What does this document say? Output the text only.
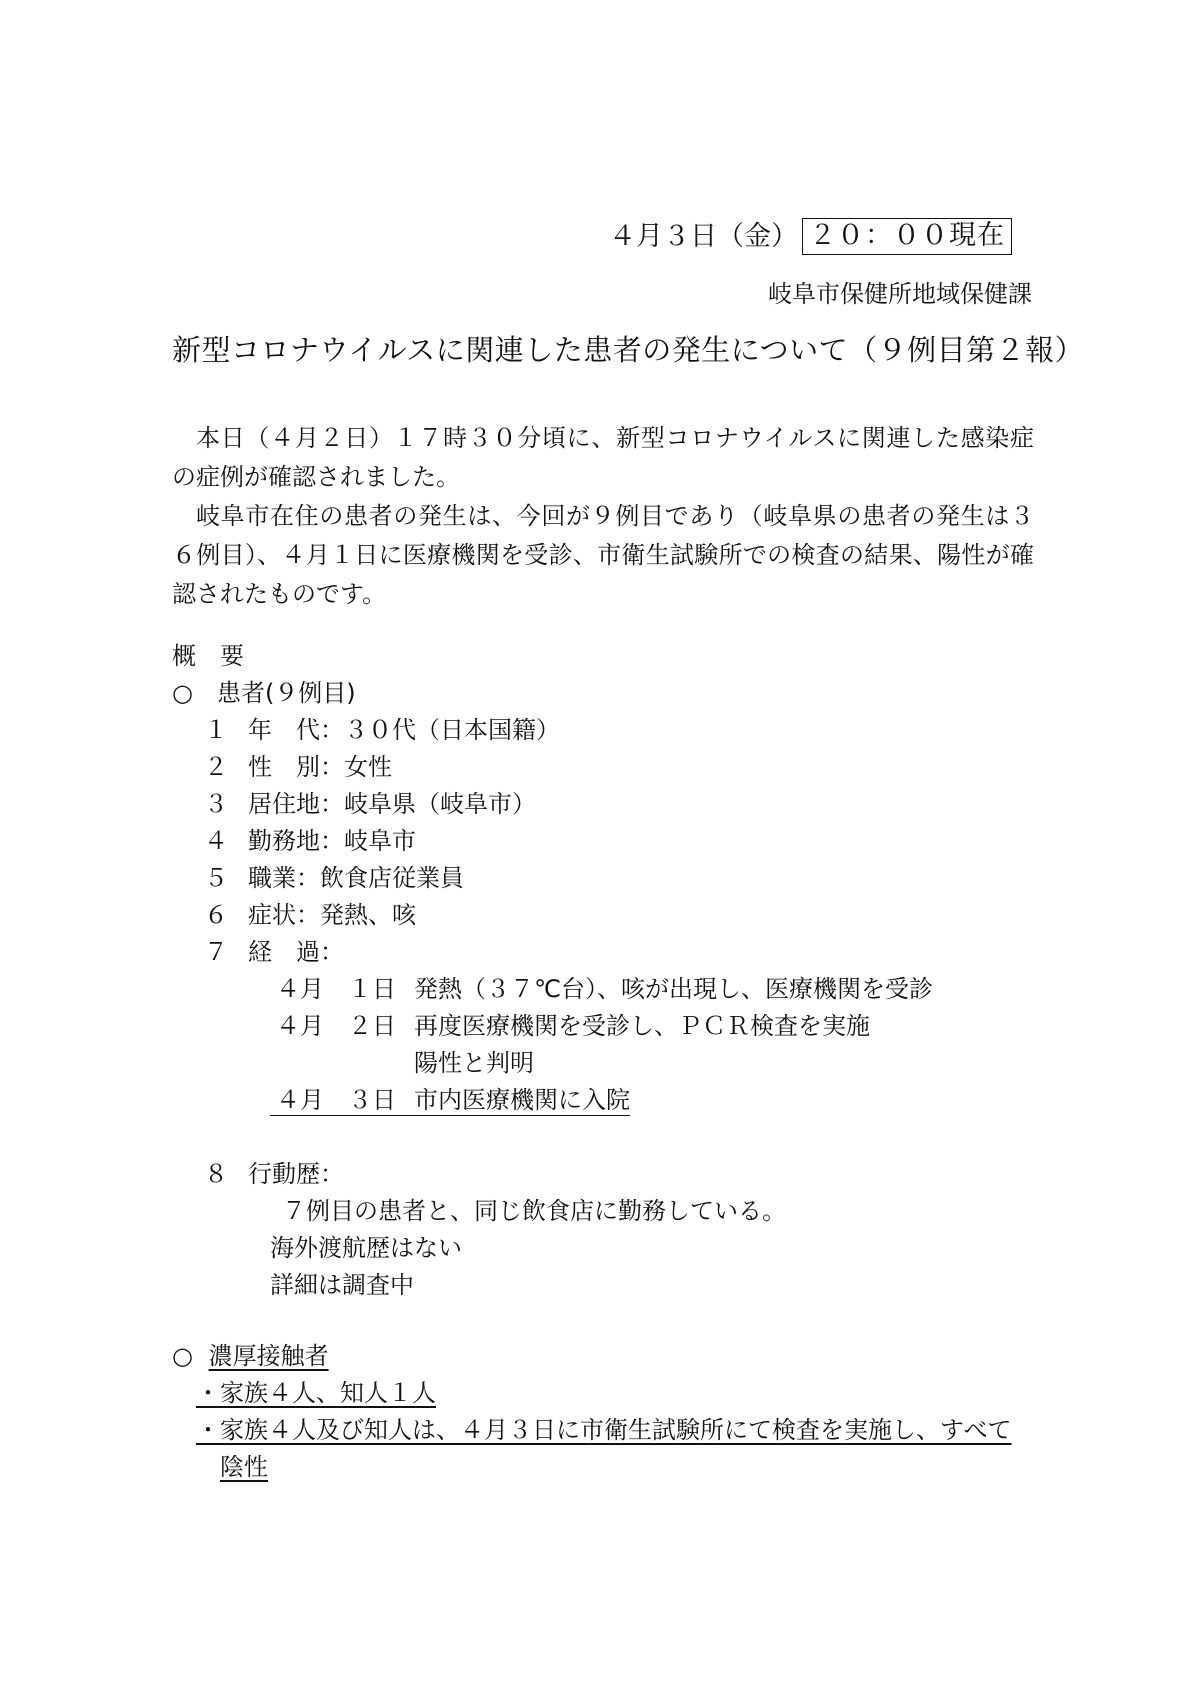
４月３日（金） ２０：００現在
岐阜市保健所地域保健課
新型コロナウイルスに関連した患者の発生について（９例目第２報）
本日（４月２日）１７時３０分頃に、新型コロナウイルスに関連した感染症の症例が確認されました。
岐阜市在住の患者の発生は、今回が９例目であり（岐阜県の患者の発生は３６例目）、４月１日に医療機関を受診、市衛生試験所での検査の結果、陽性が確認されたものです。
概　要
○　患者(９例目)
１ 年　代：３０代（日本国籍）
２ 性　別：女性
３ 居住地：岐阜県（岐阜市）
４ 勤務地：岐阜市
５ 職業：飲食店従業員
６ 症状：発熱、咳
７ 経　過：
４月　１日 発熱（３７℃台）、咳が出現し、医療機関を受診
４月　２日 再度医療機関を受診し、ＰＣＲ検査を実施
陽性と判明
４月　３日 市内医療機関に入院
８ 行動歴：
７例目の患者と、同じ飲食店に勤務している。
海外渡航歴はない
詳細は調査中
○ 濃厚接触者
・家族４人、知人１人
・家族４人及び知人は、４月３日に市衛生試験所にて検査を実施し、すべて
陰性
